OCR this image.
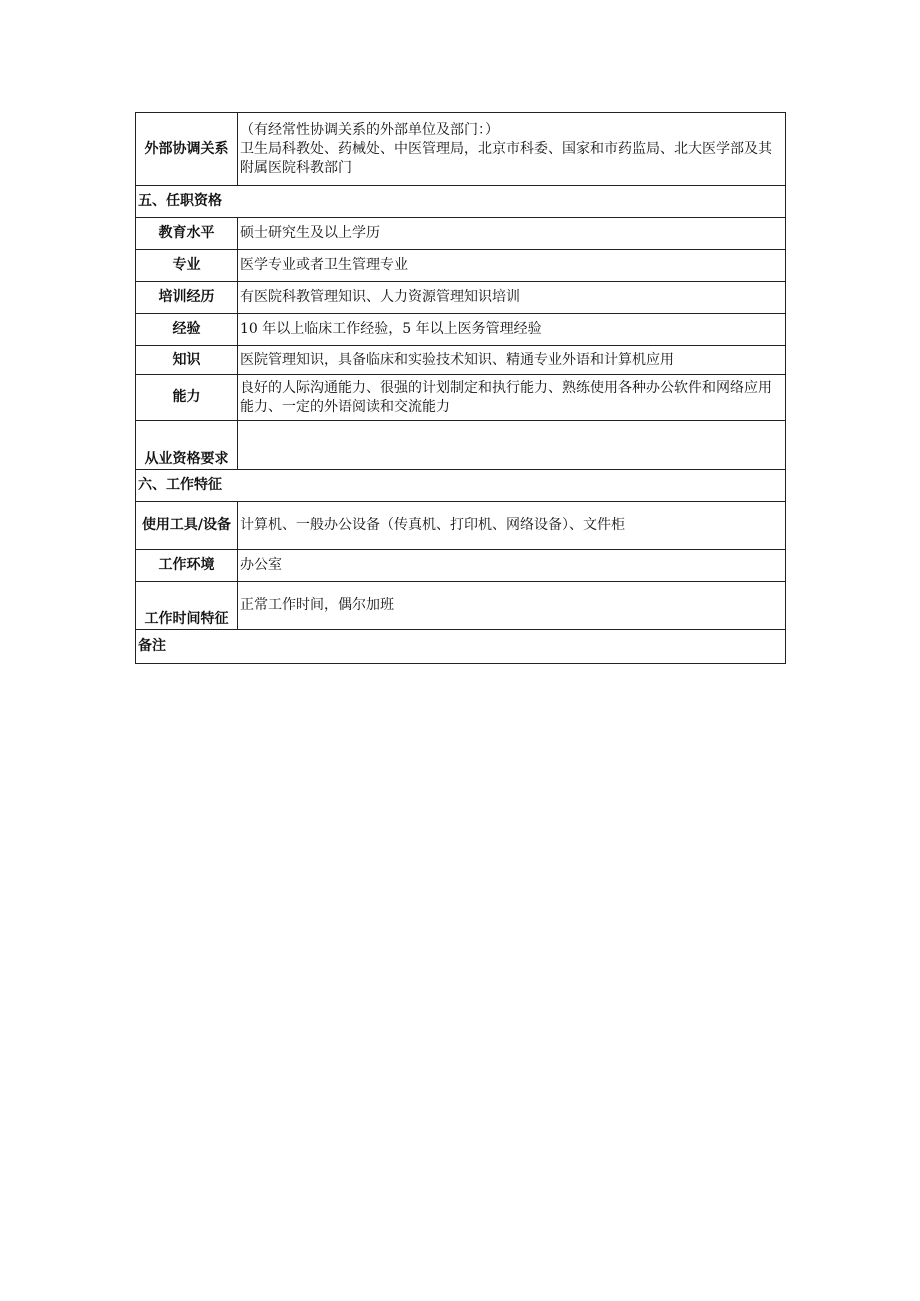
外部协调关系	（有经常性协调关系的外部单位及部门：）
卫生局科教处、药械处、中医管理局，北京市科委、国家和市药监局、北大医学部及其附属医院科教部门

五、任职资格	
教育水平	硕士研究生及以上学历
专业	医学专业或者卫生管理专业
培训经历	有医院科教管理知识、人力资源管理知识培训
经验	10 年以上临床工作经验，5 年以上医务管理经验
知识	医院管理知识，具备临床和实验技术知识、精通专业外语和计算机应用
能力	良好的人际沟通能力、很强的计划制定和执行能力、熟练使用各种办公软件和网络应用能力、一定的外语阅读和交流能力
从业资格要求	
六、工作特征	
使用工具/设备	计算机、一般办公设备（传真机、打印机、网络设备）、文件柜
工作环境	办公室
工作时间特征	正常工作时间，偶尔加班
备注	
